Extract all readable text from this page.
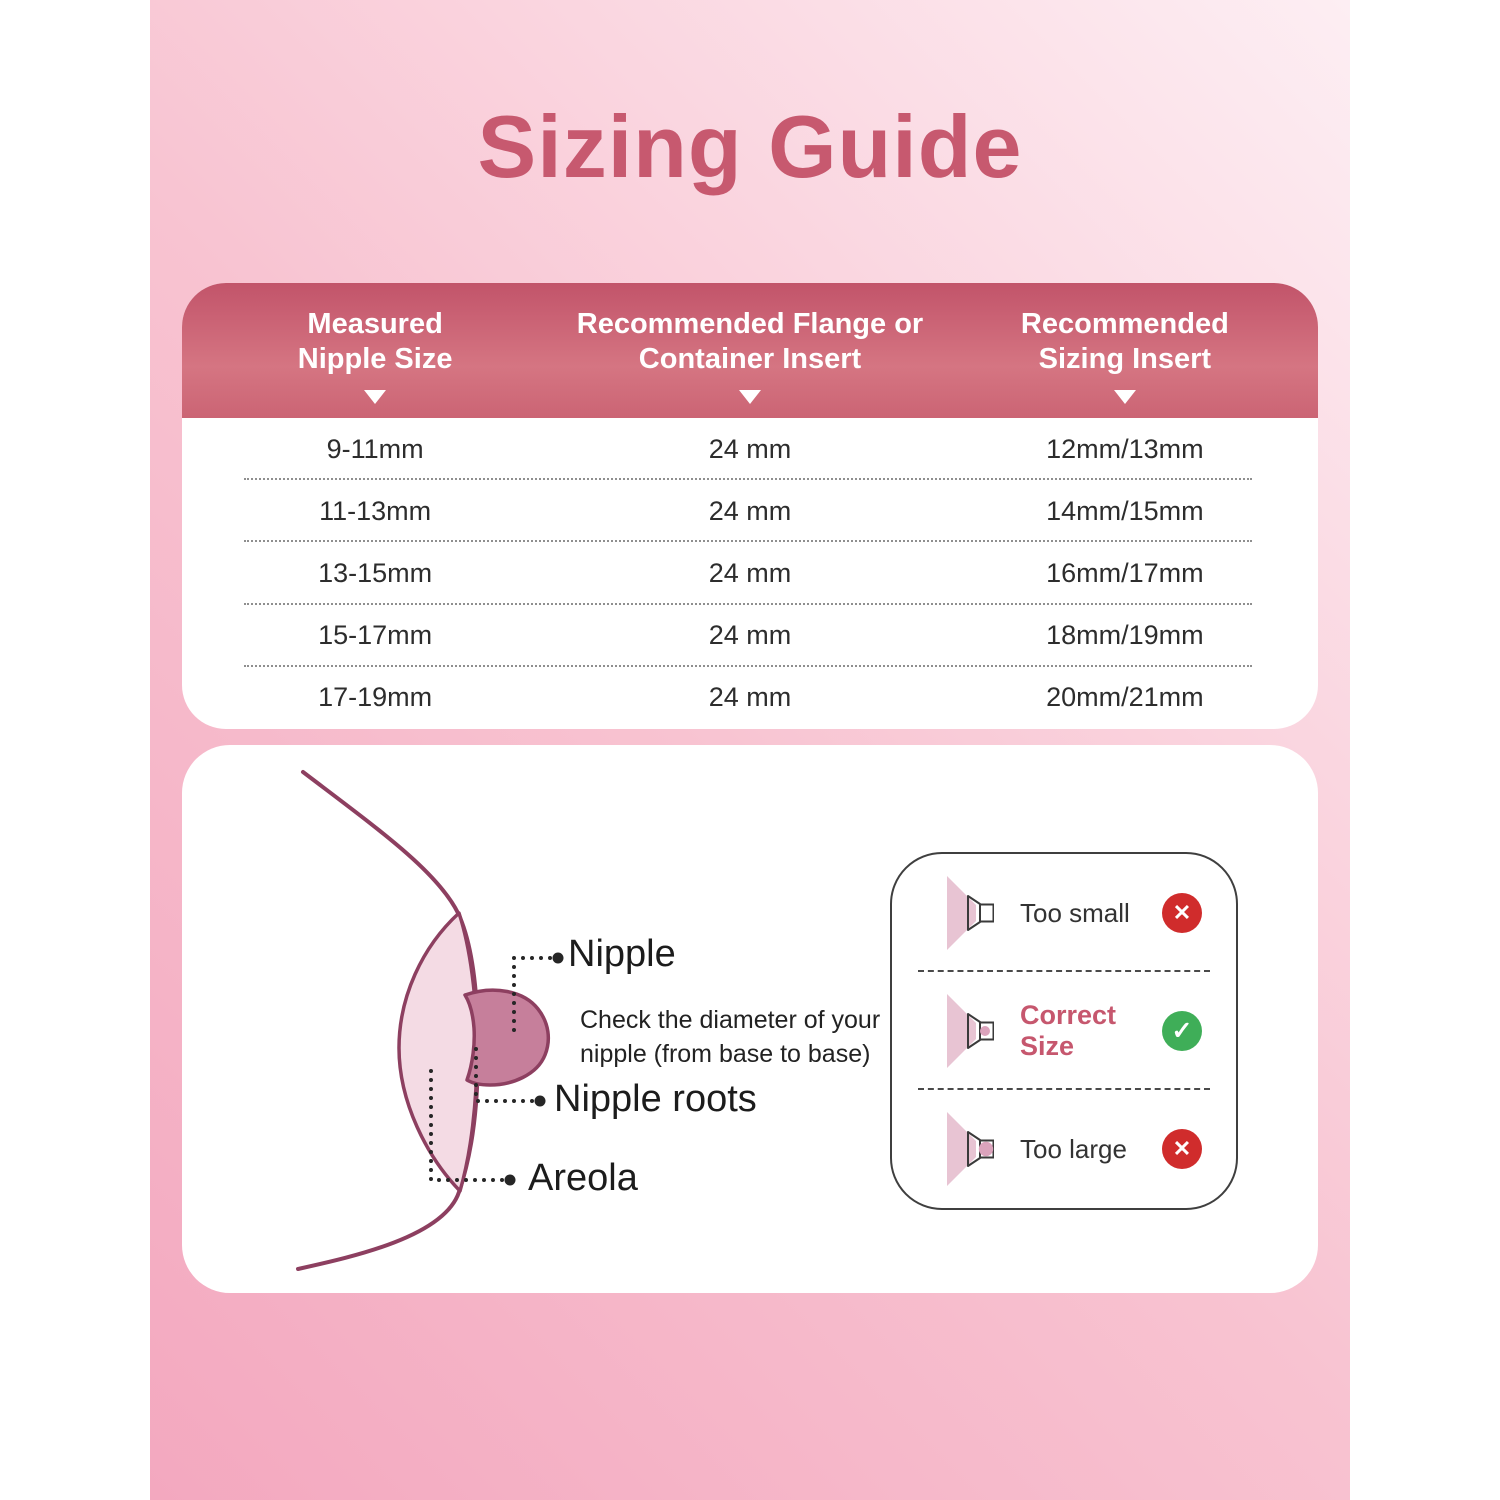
Sizing Guide
Measured
Nipple Size
Recommended Flange or
Container Insert
Recommended
Sizing Insert
9-11mm	24 mm	12mm/13mm
11-13mm	24 mm	14mm/15mm
13-15mm	24 mm	16mm/17mm
15-17mm	24 mm	18mm/19mm
17-19mm	24 mm	20mm/21mm
Nipple
Check the diameter of your
nipple (from base to base)
Nipple roots
Areola
Too small	✕
Correct Size	✓
Too large	✕
